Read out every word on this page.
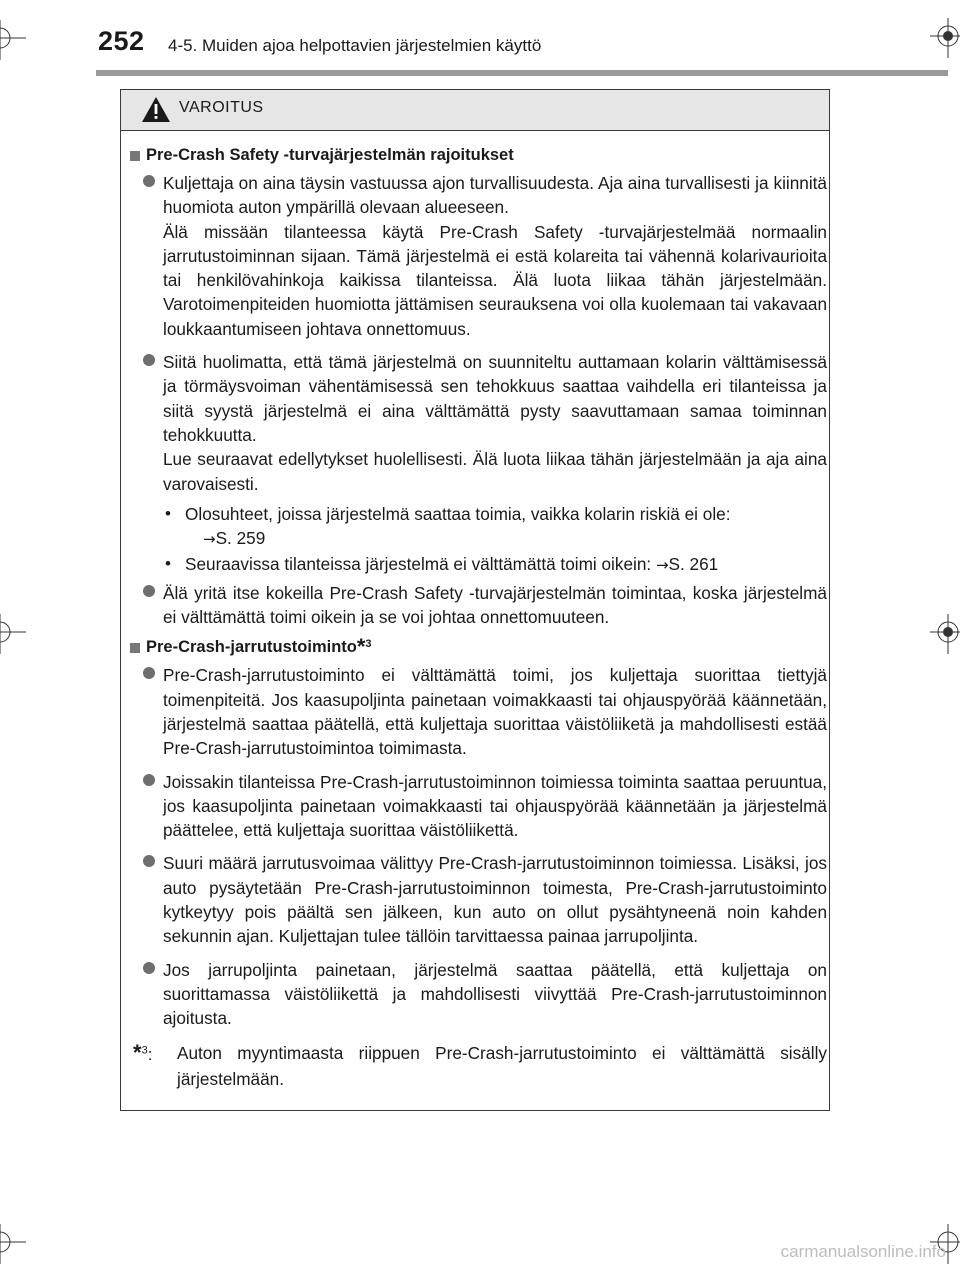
252 4-5. Muiden ajoa helpottavien järjestelmien käyttö
VAROITUS
Pre-Crash Safety -turvajärjestelmän rajoitukset
Kuljettaja on aina täysin vastuussa ajon turvallisuudesta. Aja aina turvallisesti ja kiinnitä huomiota auton ympärillä olevaan alueeseen.
Älä missään tilanteessa käytä Pre-Crash Safety -turvajärjestelmää normaalin jarrutustoiminnan sijaan. Tämä järjestelmä ei estä kolareita tai vähennä kolarivaurioita tai henkilövahinkoja kaikissa tilanteissa. Älä luota liikaa tähän järjestelmään. Varotoimenpiteiden huomiotta jättämisen seurauksena voi olla kuolemaan tai vakavaan loukkaantumiseen johtava onnettomuus.
Siitä huolimatta, että tämä järjestelmä on suunniteltu auttamaan kolarin välttämisessä ja törmäysvoiman vähentämisessä sen tehokkuus saattaa vaihdella eri tilanteissa ja siitä syystä järjestelmä ei aina välttämättä pysty saavuttamaan samaa toiminnan tehokkuutta.
Lue seuraavat edellytykset huolellisesti. Älä luota liikaa tähän järjestelmään ja aja aina varovaisesti.
• Olosuhteet, joissa järjestelmä saattaa toimia, vaikka kolarin riskiä ei ole:
→S. 259
• Seuraavissa tilanteissa järjestelmä ei välttämättä toimi oikein: →S. 261
Älä yritä itse kokeilla Pre-Crash Safety -turvajärjestelmän toimintaa, koska järjestelmä ei välttämättä toimi oikein ja se voi johtaa onnettomuuteen.
Pre-Crash-jarrutustoiminto * 3
Pre-Crash-jarrutustoiminto ei välttämättä toimi, jos kuljettaja suorittaa tiettyjä toimenpiteitä. Jos kaasupoljinta painetaan voimakkaasti tai ohjauspyörää käännetään, järjestelmä saattaa päätellä, että kuljettaja suorittaa väistöliiketä ja mahdollisesti estää Pre-Crash-jarrutustoimintoa toimimasta.
Joissakin tilanteissa Pre-Crash-jarrutustoiminnon toimiessa toiminta saattaa peruuntua, jos kaasupoljinta painetaan voimakkaasti tai ohjauspyörää käännetään ja järjestelmä päättelee, että kuljettaja suorittaa väistöliikettä.
Suuri määrä jarrutusvoimaa välittyy Pre-Crash-jarrutustoiminnon toimiessa. Lisäksi, jos auto pysäytetään Pre-Crash-jarrutustoiminnon toimesta, Pre-Crash-jarrutustoiminto kytkeytyy pois päältä sen jälkeen, kun auto on ollut pysähtyneenä noin kahden sekunnin ajan. Kuljettajan tulee tällöin tarvittaessa painaa jarrupoljinta.
Jos jarrupoljinta painetaan, järjestelmä saattaa päätellä, että kuljettaja on suorittamassa väistöliikettä ja mahdollisesti viivyttää Pre-Crash-jarrutustoiminnon ajoitusta.
*$^3$:	Auton myyntimaasta riippuen Pre-Crash-jarrutustoiminto ei välttämättä sisälly järjestelmään.
carmanualsonline.info
